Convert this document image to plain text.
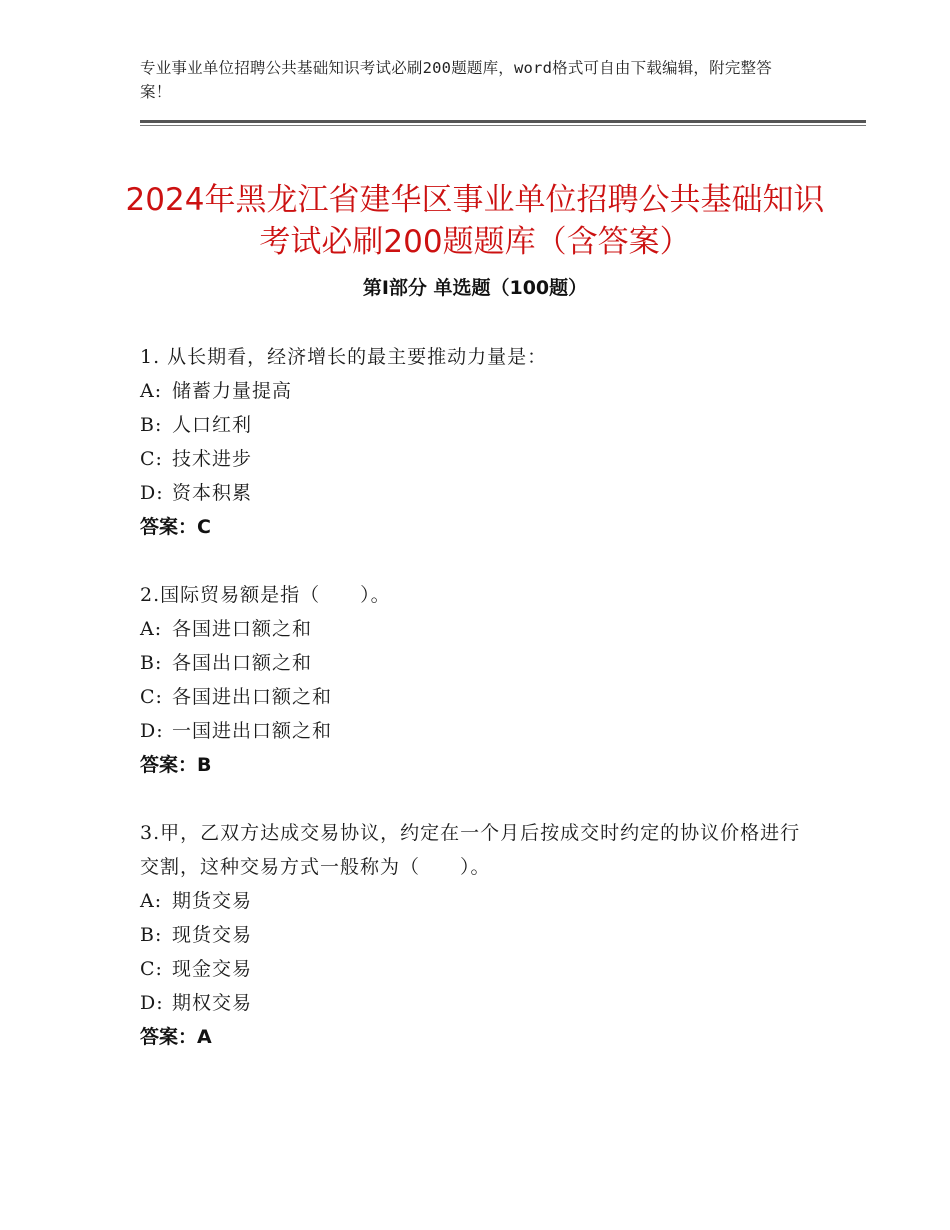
专业事业单位招聘公共基础知识考试必刷200题题库，word格式可自由下载编辑，附完整答案！
2024年黑龙江省建华区事业单位招聘公共基础知识考试必刷200题题库（含答案）
第Ⅰ部分 单选题（100题）

1. 从长期看，经济增长的最主要推动力量是：

A: 储蓄力量提高

B: 人口红利

C: 技术进步

D: 资本积累

答案：C

2.国际贸易额是指（　　）。

A: 各国进口额之和

B: 各国出口额之和

C: 各国进出口额之和

D: 一国进出口额之和

答案：B

3.甲，乙双方达成交易协议，约定在一个月后按成交时约定的协议价格进行交割，这种交易方式一般称为（　　）。

A: 期货交易

B: 现货交易

C: 现金交易

D: 期权交易

答案：A
